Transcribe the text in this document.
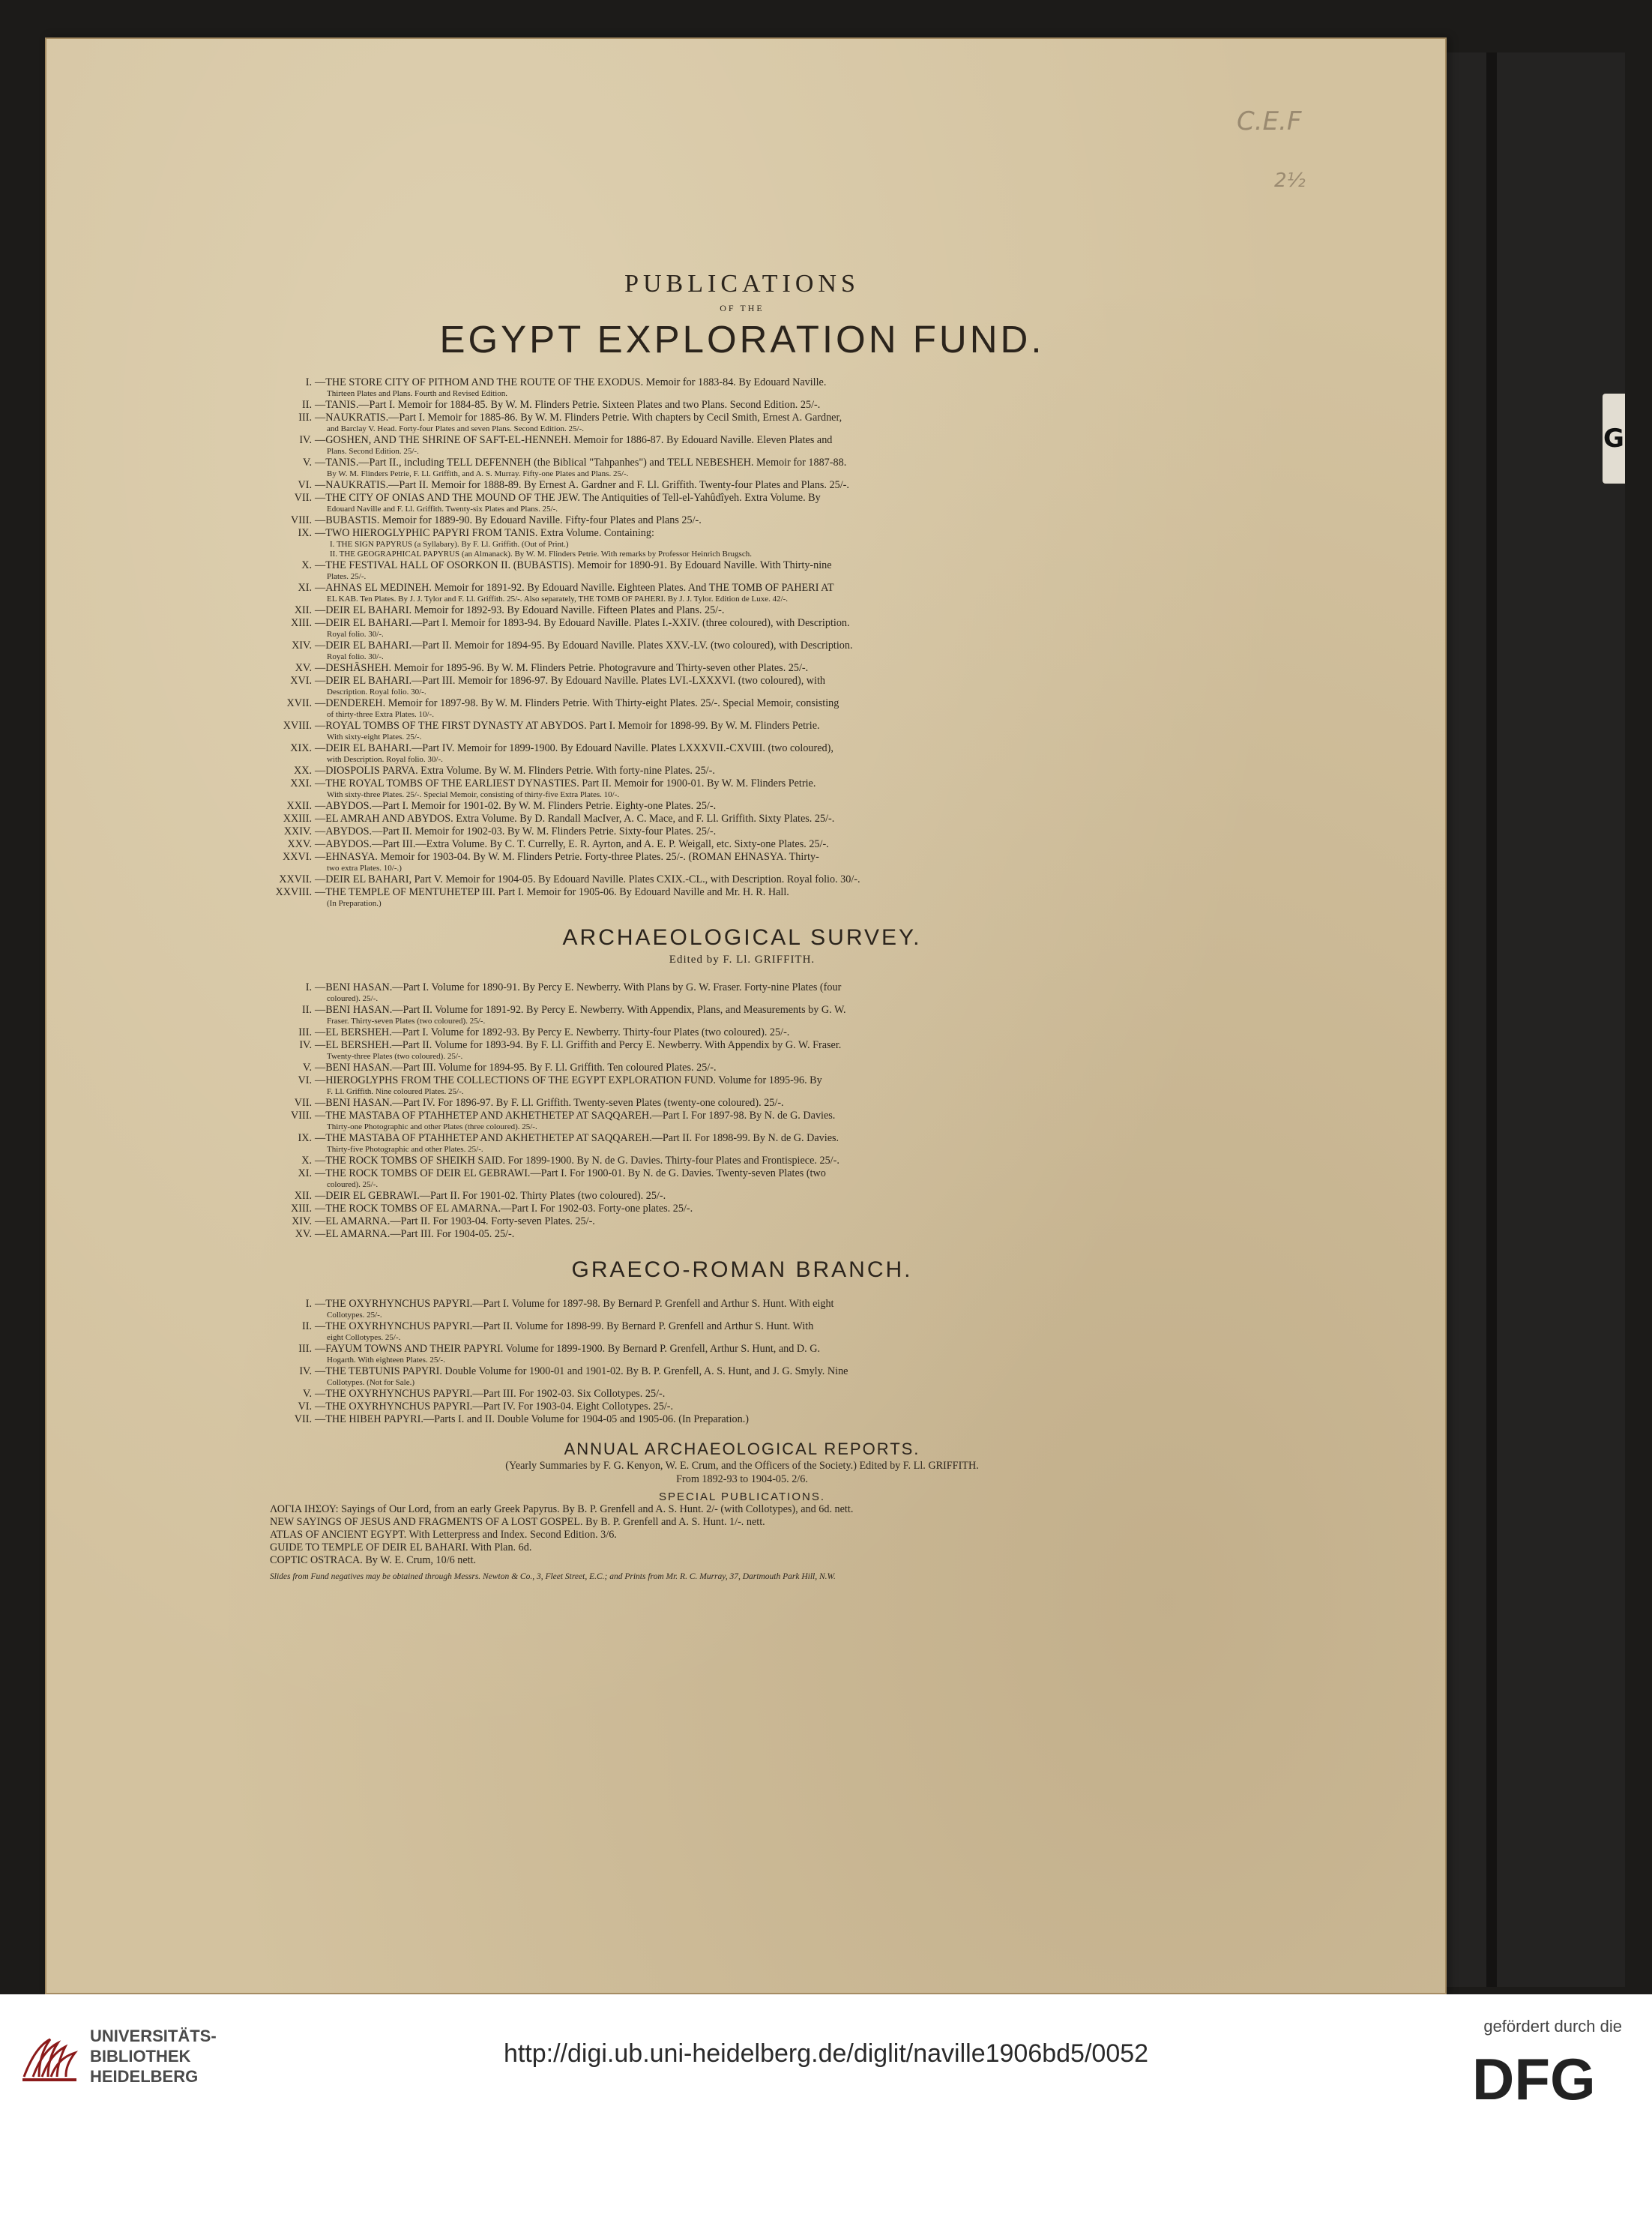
G
C.E.F
2½
PUBLICATIONS
OF THE
EGYPT EXPLORATION FUND.
I. —THE STORE CITY OF PITHOM AND THE ROUTE OF THE EXODUS. Memoir for 1883-84. By Edouard Naville.
Thirteen Plates and Plans. Fourth and Revised Edition.
II. —TANIS.—Part I. Memoir for 1884-85. By W. M. Flinders Petrie. Sixteen Plates and two Plans. Second Edition. 25/-.
III. —NAUKRATIS.—Part I. Memoir for 1885-86. By W. M. Flinders Petrie. With chapters by Cecil Smith, Ernest A. Gardner,
and Barclay V. Head. Forty-four Plates and seven Plans. Second Edition. 25/-.
IV. —GOSHEN, AND THE SHRINE OF SAFT-EL-HENNEH. Memoir for 1886-87. By Edouard Naville. Eleven Plates and
Plans. Second Edition. 25/-.
V. —TANIS.—Part II., including TELL DEFENNEH (the Biblical "Tahpanhes") and TELL NEBESHEH. Memoir for 1887-88.
By W. M. Flinders Petrie, F. Ll. Griffith, and A. S. Murray. Fifty-one Plates and Plans. 25/-.
VI. —NAUKRATIS.—Part II. Memoir for 1888-89. By Ernest A. Gardner and F. Ll. Griffith. Twenty-four Plates and Plans. 25/-.
VII. —THE CITY OF ONIAS AND THE MOUND OF THE JEW. The Antiquities of Tell-el-Yahûdîyeh. Extra Volume. By
Edouard Naville and F. Ll. Griffith. Twenty-six Plates and Plans. 25/-.
VIII. —BUBASTIS. Memoir for 1889-90. By Edouard Naville. Fifty-four Plates and Plans 25/-.
IX. —TWO HIEROGLYPHIC PAPYRI FROM TANIS. Extra Volume. Containing:
I. THE SIGN PAPYRUS (a Syllabary). By F. Ll. Griffith. (Out of Print.)
II. THE GEOGRAPHICAL PAPYRUS (an Almanack). By W. M. Flinders Petrie. With remarks by Professor Heinrich Brugsch.
X. —THE FESTIVAL HALL OF OSORKON II. (BUBASTIS). Memoir for 1890-91. By Edouard Naville. With Thirty-nine
Plates. 25/-.
XI. —AHNAS EL MEDINEH. Memoir for 1891-92. By Edouard Naville. Eighteen Plates. And THE TOMB OF PAHERI AT
EL KAB. Ten Plates. By J. J. Tylor and F. Ll. Griffith. 25/-. Also separately, THE TOMB OF PAHERI. By J. J. Tylor. Edition de Luxe. 42/-.
XII. —DEIR EL BAHARI. Memoir for 1892-93. By Edouard Naville. Fifteen Plates and Plans. 25/-.
XIII. —DEIR EL BAHARI.—Part I. Memoir for 1893-94. By Edouard Naville. Plates I.-XXIV. (three coloured), with Description.
Royal folio. 30/-.
XIV. —DEIR EL BAHARI.—Part II. Memoir for 1894-95. By Edouard Naville. Plates XXV.-LV. (two coloured), with Description.
Royal folio. 30/-.
XV. —DESHÂSHEH. Memoir for 1895-96. By W. M. Flinders Petrie. Photogravure and Thirty-seven other Plates. 25/-.
XVI. —DEIR EL BAHARI.—Part III. Memoir for 1896-97. By Edouard Naville. Plates LVI.-LXXXVI. (two coloured), with
Description. Royal folio. 30/-.
XVII. —DENDEREH. Memoir for 1897-98. By W. M. Flinders Petrie. With Thirty-eight Plates. 25/-. Special Memoir, consisting
of thirty-three Extra Plates. 10/-.
XVIII. —ROYAL TOMBS OF THE FIRST DYNASTY AT ABYDOS. Part I. Memoir for 1898-99. By W. M. Flinders Petrie.
With sixty-eight Plates. 25/-.
XIX. —DEIR EL BAHARI.—Part IV. Memoir for 1899-1900. By Edouard Naville. Plates LXXXVII.-CXVIII. (two coloured),
with Description. Royal folio. 30/-.
XX. —DIOSPOLIS PARVA. Extra Volume. By W. M. Flinders Petrie. With forty-nine Plates. 25/-.
XXI. —THE ROYAL TOMBS OF THE EARLIEST DYNASTIES. Part II. Memoir for 1900-01. By W. M. Flinders Petrie.
With sixty-three Plates. 25/-. Special Memoir, consisting of thirty-five Extra Plates. 10/-.
XXII. —ABYDOS.—Part I. Memoir for 1901-02. By W. M. Flinders Petrie. Eighty-one Plates. 25/-.
XXIII. —EL AMRAH AND ABYDOS. Extra Volume. By D. Randall MacIver, A. C. Mace, and F. Ll. Griffith. Sixty Plates. 25/-.
XXIV. —ABYDOS.—Part II. Memoir for 1902-03. By W. M. Flinders Petrie. Sixty-four Plates. 25/-.
XXV. —ABYDOS.—Part III.—Extra Volume. By C. T. Currelly, E. R. Ayrton, and A. E. P. Weigall, etc. Sixty-one Plates. 25/-.
XXVI. —EHNASYA. Memoir for 1903-04. By W. M. Flinders Petrie. Forty-three Plates. 25/-. (ROMAN EHNASYA. Thirty-
two extra Plates. 10/-.)
XXVII. —DEIR EL BAHARI, Part V. Memoir for 1904-05. By Edouard Naville. Plates CXIX.-CL., with Description. Royal folio. 30/-.
XXVIII. —THE TEMPLE OF MENTUHETEP III. Part I. Memoir for 1905-06. By Edouard Naville and Mr. H. R. Hall.
(In Preparation.)
ARCHAEOLOGICAL SURVEY.
Edited by F. Ll. GRIFFITH.
I. —BENI HASAN.—Part I. Volume for 1890-91. By Percy E. Newberry. With Plans by G. W. Fraser. Forty-nine Plates (four
coloured). 25/-.
II. —BENI HASAN.—Part II. Volume for 1891-92. By Percy E. Newberry. With Appendix, Plans, and Measurements by G. W.
Fraser. Thirty-seven Plates (two coloured). 25/-.
III. —EL BERSHEH.—Part I. Volume for 1892-93. By Percy E. Newberry. Thirty-four Plates (two coloured). 25/-.
IV. —EL BERSHEH.—Part II. Volume for 1893-94. By F. Ll. Griffith and Percy E. Newberry. With Appendix by G. W. Fraser.
Twenty-three Plates (two coloured). 25/-.
V. —BENI HASAN.—Part III. Volume for 1894-95. By F. Ll. Griffith. Ten coloured Plates. 25/-.
VI. —HIEROGLYPHS FROM THE COLLECTIONS OF THE EGYPT EXPLORATION FUND. Volume for 1895-96. By
F. Ll. Griffith. Nine coloured Plates. 25/-.
VII. —BENI HASAN.—Part IV. For 1896-97. By F. Ll. Griffith. Twenty-seven Plates (twenty-one coloured). 25/-.
VIII. —THE MASTABA OF PTAHHETEP AND AKHETHETEP AT SAQQAREH.—Part I. For 1897-98. By N. de G. Davies.
Thirty-one Photographic and other Plates (three coloured). 25/-.
IX. —THE MASTABA OF PTAHHETEP AND AKHETHETEP AT SAQQAREH.—Part II. For 1898-99. By N. de G. Davies.
Thirty-five Photographic and other Plates. 25/-.
X. —THE ROCK TOMBS OF SHEIKH SAID. For 1899-1900. By N. de G. Davies. Thirty-four Plates and Frontispiece. 25/-.
XI. —THE ROCK TOMBS OF DEIR EL GEBRAWI.—Part I. For 1900-01. By N. de G. Davies. Twenty-seven Plates (two
coloured). 25/-.
XII. —DEIR EL GEBRAWI.—Part II. For 1901-02. Thirty Plates (two coloured). 25/-.
XIII. —THE ROCK TOMBS OF EL AMARNA.—Part I. For 1902-03. Forty-one plates. 25/-.
XIV. —EL AMARNA.—Part II. For 1903-04. Forty-seven Plates. 25/-.
XV. —EL AMARNA.—Part III. For 1904-05. 25/-.
GRAECO-ROMAN BRANCH.
I. —THE OXYRHYNCHUS PAPYRI.—Part I. Volume for 1897-98. By Bernard P. Grenfell and Arthur S. Hunt. With eight
Collotypes. 25/-.
II. —THE OXYRHYNCHUS PAPYRI.—Part II. Volume for 1898-99. By Bernard P. Grenfell and Arthur S. Hunt. With
eight Collotypes. 25/-.
III. —FAYUM TOWNS AND THEIR PAPYRI. Volume for 1899-1900. By Bernard P. Grenfell, Arthur S. Hunt, and D. G.
Hogarth. With eighteen Plates. 25/-.
IV. —THE TEBTUNIS PAPYRI. Double Volume for 1900-01 and 1901-02. By B. P. Grenfell, A. S. Hunt, and J. G. Smyly. Nine
Collotypes. (Not for Sale.)
V. —THE OXYRHYNCHUS PAPYRI.—Part III. For 1902-03. Six Collotypes. 25/-.
VI. —THE OXYRHYNCHUS PAPYRI.—Part IV. For 1903-04. Eight Collotypes. 25/-.
VII. —THE HIBEH PAPYRI.—Parts I. and II. Double Volume for 1904-05 and 1905-06. (In Preparation.)
ANNUAL ARCHAEOLOGICAL REPORTS.
(Yearly Summaries by F. G. Kenyon, W. E. Crum, and the Officers of the Society.) Edited by F. Ll. GRIFFITH.
From 1892-93 to 1904-05. 2/6.
SPECIAL PUBLICATIONS.
ΛΟΓΙΑ ΙΗΣΟΥ: Sayings of Our Lord, from an early Greek Papyrus. By B. P. Grenfell and A. S. Hunt. 2/- (with Collotypes), and 6d. nett.
NEW SAYINGS OF JESUS AND FRAGMENTS OF A LOST GOSPEL. By B. P. Grenfell and A. S. Hunt. 1/-. nett.
ATLAS OF ANCIENT EGYPT. With Letterpress and Index. Second Edition. 3/6.
GUIDE TO TEMPLE OF DEIR EL BAHARI. With Plan. 6d.
COPTIC OSTRACA. By W. E. Crum, 10/6 nett.
Slides from Fund negatives may be obtained through Messrs. Newton & Co., 3, Fleet Street, E.C.; and Prints from Mr. R. C. Murray, 37, Dartmouth Park Hill, N.W.
UNIVERSITÄTS-
BIBLIOTHEK
HEIDELBERG
http://digi.ub.uni-heidelberg.de/diglit/naville1906bd5/0052
gefördert durch die
DFG
